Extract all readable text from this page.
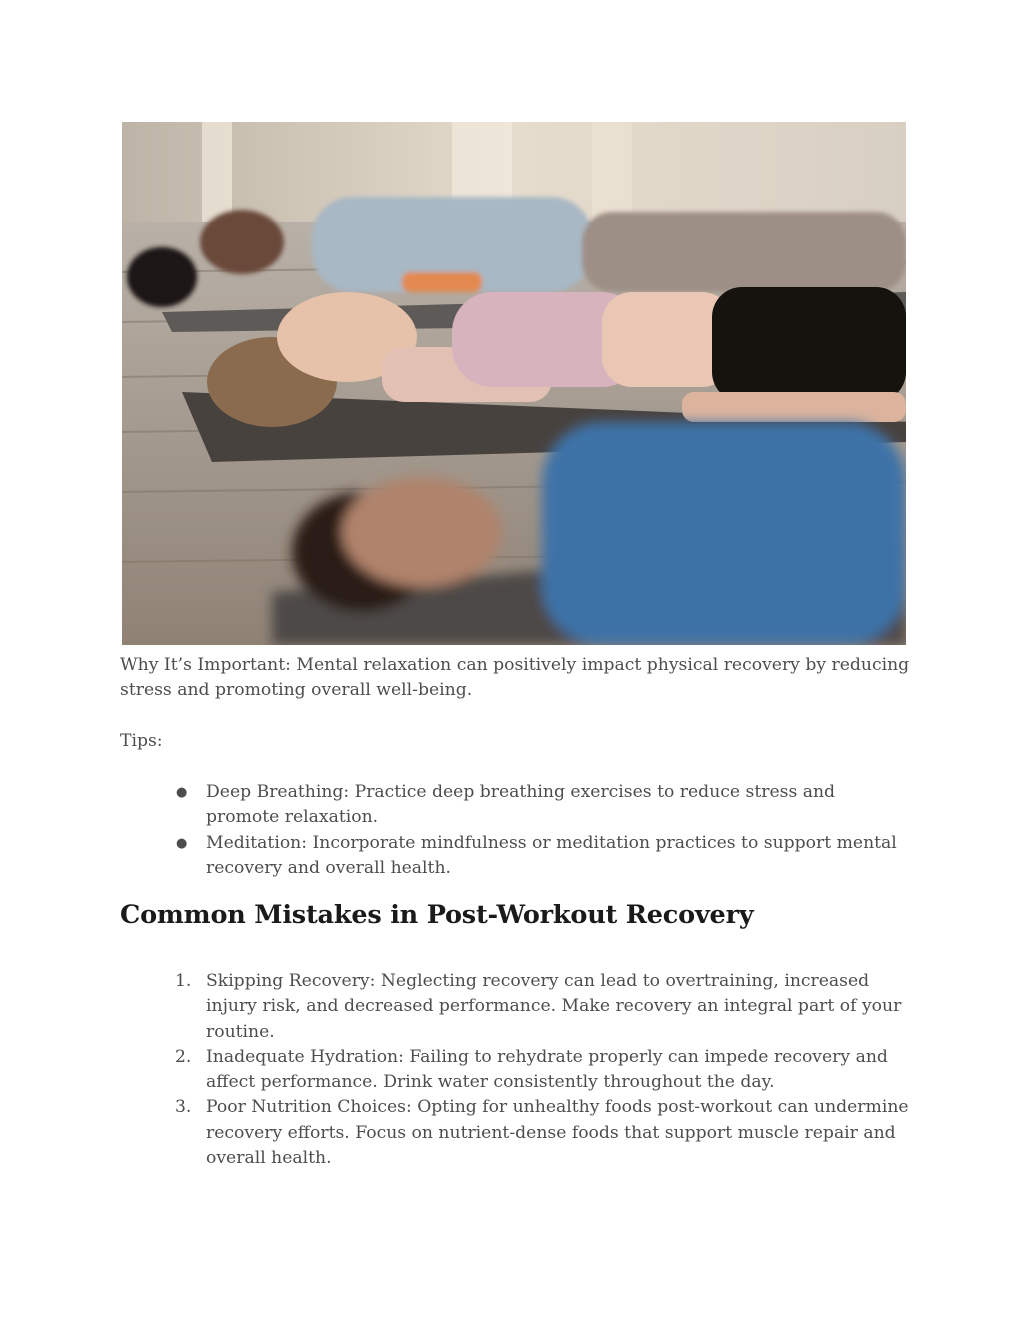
Why It’s Important: Mental relaxation can positively impact physical recovery by reducing stress and promoting overall well-being.

Tips:

● Deep Breathing: Practice deep breathing exercises to reduce stress and promote relaxation.
● Meditation: Incorporate mindfulness or meditation practices to support mental recovery and overall health.
Common Mistakes in Post-Workout Recovery
1. Skipping Recovery: Neglecting recovery can lead to overtraining, increased injury risk, and decreased performance. Make recovery an integral part of your routine.
2. Inadequate Hydration: Failing to rehydrate properly can impede recovery and affect performance. Drink water consistently throughout the day.
3. Poor Nutrition Choices: Opting for unhealthy foods post-workout can undermine recovery efforts. Focus on nutrient-dense foods that support muscle repair and overall health.
